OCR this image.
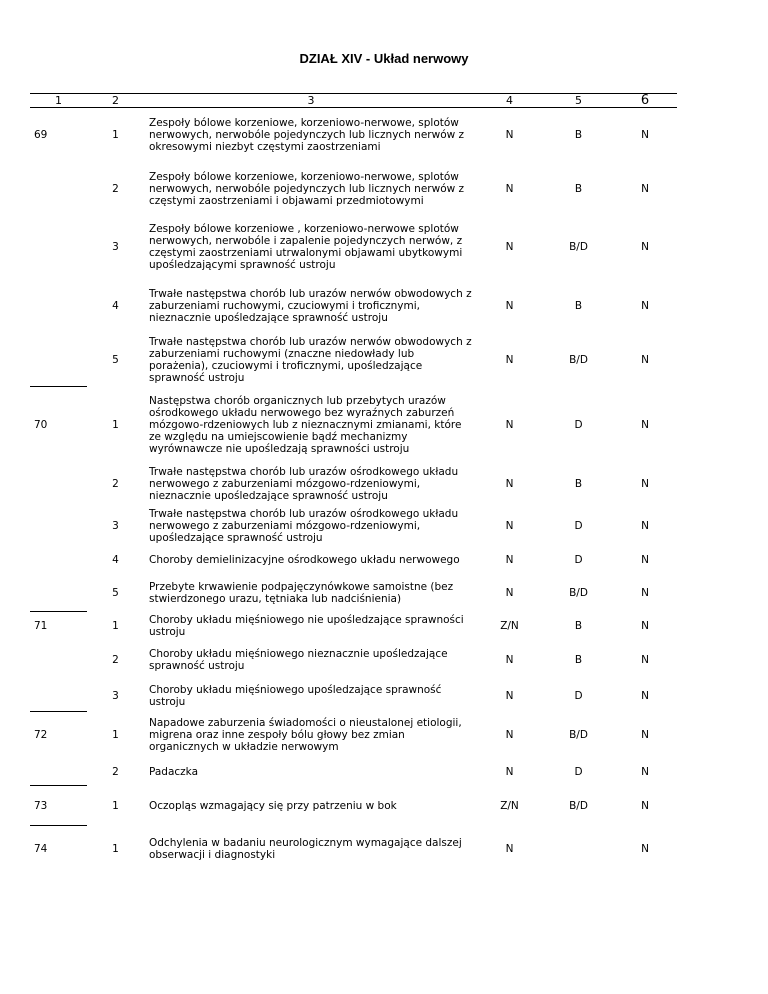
DZIAŁ XIV - Układ nerwowy
1	2	3	4	5	6
69	1	Zespoły bólowe korzeniowe, korzeniowo-nerwowe, splotów nerwowych, nerwobóle pojedynczych lub licznych nerwów z okresowymi niezbyt częstymi zaostrzeniami	N	B	N
	2	Zespoły bólowe korzeniowe, korzeniowo-nerwowe, splotów nerwowych, nerwobóle pojedynczych lub licznych nerwów z częstymi zaostrzeniami i objawami przedmiotowymi	N	B	N
	3	Zespoły bólowe korzeniowe , korzeniowo-nerwowe splotów nerwowych, nerwobóle i zapalenie pojedynczych nerwów, z częstymi zaostrzeniami utrwalonymi objawami ubytkowymi upośledzającymi sprawność ustroju	N	B/D	N
	4	Trwałe następstwa chorób lub urazów nerwów obwodowych z zaburzeniami ruchowymi, czuciowymi i troficznymi, nieznacznie upośledzające sprawność ustroju	N	B	N
	5	Trwałe następstwa chorób lub urazów nerwów obwodowych z zaburzeniami ruchowymi (znaczne niedowłady lub porażenia), czuciowymi i troficznymi, upośledzające sprawność ustroju	N	B/D	N
70	1	Następstwa chorób organicznych lub przebytych urazów ośrodkowego układu nerwowego bez wyraźnych zaburzeń mózgowo-rdzeniowych lub z nieznacznymi zmianami, które ze względu na umiejscowienie bądź mechanizmy wyrównawcze nie upośledzają sprawności ustroju	N	D	N
	2	Trwałe następstwa chorób lub urazów ośrodkowego układu nerwowego z zaburzeniami mózgowo-rdzeniowymi, nieznacznie upośledzające sprawność ustroju	N	B	N
	3	Trwałe następstwa chorób lub urazów ośrodkowego układu nerwowego z zaburzeniami mózgowo-rdzeniowymi, upośledzające sprawność ustroju	N	D	N
	4	Choroby demielinizacyjne ośrodkowego układu nerwowego	N	D	N
	5	Przebyte krwawienie podpajęczynówkowe samoistne (bez stwierdzonego urazu, tętniaka lub nadciśnienia)	N	B/D	N
71	1	Choroby układu mięśniowego nie upośledzające sprawności ustroju	Z/N	B	N
	2	Choroby układu mięśniowego nieznacznie upośledzające sprawność ustroju	N	B	N
	3	Choroby układu mięśniowego upośledzające sprawność ustroju	N	D	N
72	1	Napadowe zaburzenia świadomości o nieustalonej etiologii, migrena oraz inne zespoły bólu głowy bez zmian organicznych w układzie nerwowym	N	B/D	N
	2	Padaczka	N	D	N
73	1	Oczopląs wzmagający się przy patrzeniu w bok	Z/N	B/D	N
74	1	Odchylenia w badaniu neurologicznym wymagające dalszej obserwacji i diagnostyki	N		N
